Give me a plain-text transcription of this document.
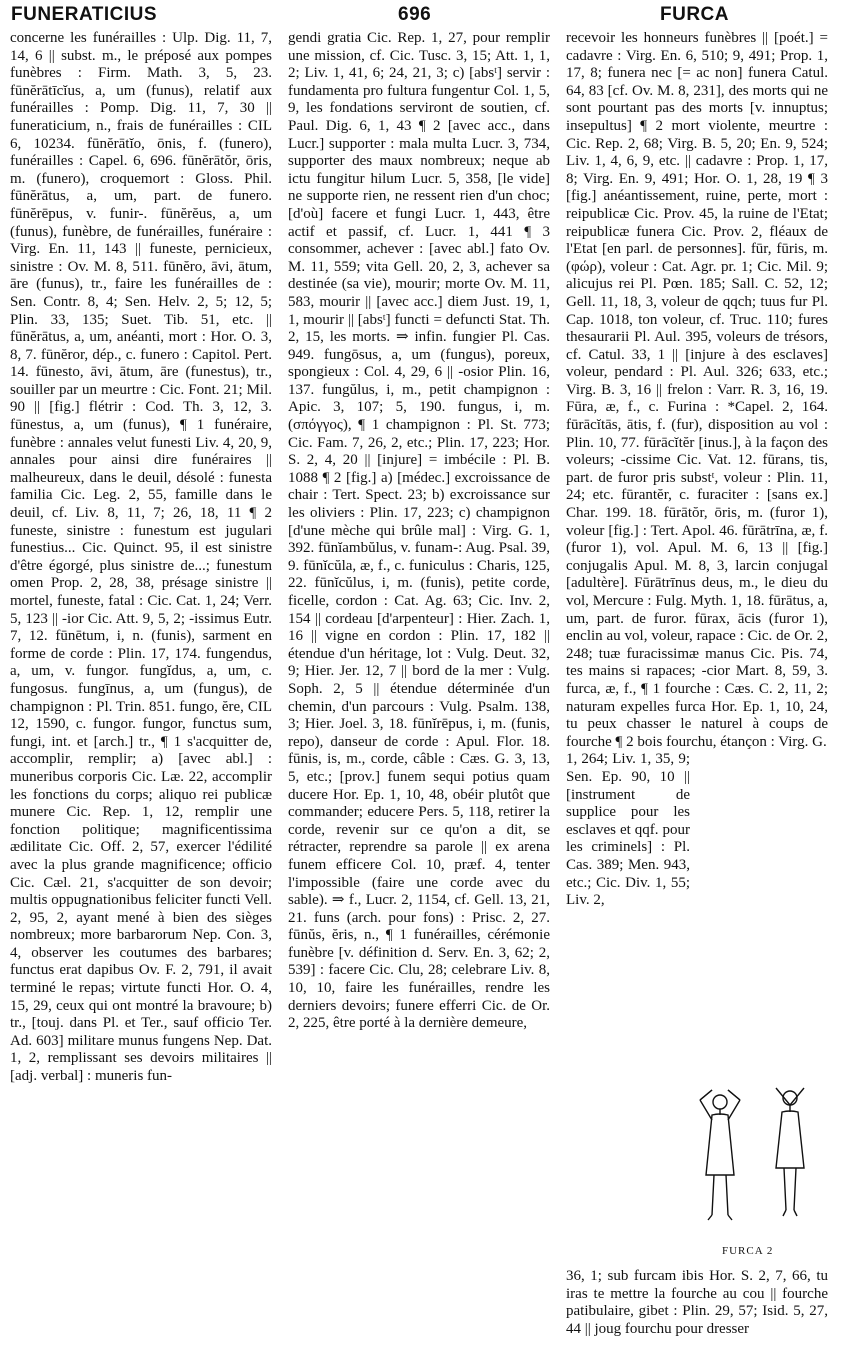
FUNERATICIUS	696	FURCA
concerne les funérailles : Ulp. Dig. 11, 7, 14, 6 || subst. m., le préposé aux pompes funèbres : Firm. Math. 3, 5, 23. fūnĕrātīcĭus, a, um (funus), relatif aux funérailles : Pomp. Dig. 11, 7, 30 || funeraticium, n., frais de funérailles : CIL 6, 10234. fūnĕrātĭo, ōnis, f. (funero), funérailles : Capel. 6, 696. fūnĕrātŏr, ōris, m. (funero), croquemort : Gloss. Phil. fūnĕrātus, a, um, part. de funero. fūnĕrēpus, v. funir-. fūnĕrĕus, a, um (funus), funèbre, de funérailles, funéraire : Virg. En. 11, 143 || funeste, pernicieux, sinistre : Ov. M. 8, 511. fūnĕro, āvi, ātum, āre (funus), tr., faire les funérailles de : Sen. Contr. 8, 4; Sen. Helv. 2, 5; 12, 5; Plin. 33, 135; Suet. Tib. 51, etc. || fūnĕrātus, a, um, anéanti, mort : Hor. O. 3, 8, 7. fūnĕror, dép., c. funero : Capitol. Pert. 14. fūnesto, āvi, ātum, āre (funestus), tr., souiller par un meurtre : Cic. Font. 21; Mil. 90 || [fig.] flétrir : Cod. Th. 3, 12, 3. fūnestus, a, um (funus), ¶ 1 funéraire, funèbre : annales velut funesti Liv. 4, 20, 9, annales pour ainsi dire funéraires || malheureux, dans le deuil, désolé : funesta familia Cic. Leg. 2, 55, famille dans le deuil, cf. Liv. 8, 11, 7; 26, 18, 11 ¶ 2 funeste, sinistre : funestum est jugulari funestius... Cic. Quinct. 95, il est sinistre d'être égorgé, plus sinistre de...; funestum omen Prop. 2, 28, 38, présage sinistre || mortel, funeste, fatal : Cic. Cat. 1, 24; Verr. 5, 123 || -ior Cic. Att. 9, 5, 2; -issimus Eutr. 7, 12. fūnētum, i, n. (funis), sarment en forme de corde : Plin. 17, 174. fungendus, a, um, v. fungor. fungĭdus, a, um, c. fungosus. fungīnus, a, um (fungus), de champignon : Pl. Trin. 851. fungo, ĕre, CIL 12, 1590, c. fungor. fungor, functus sum, fungi, int. et [arch.] tr., ¶ 1 s'acquitter de, accomplir, remplir; a) [avec abl.] : muneribus corporis Cic. Læ. 22, accomplir les fonctions du corps; aliquo rei publicæ munere Cic. Rep. 1, 12, remplir une fonction politique; magnificentissima ædilitate Cic. Off. 2, 57, exercer l'édilité avec la plus grande magnificence; officio Cic. Cæl. 21, s'acquitter de son devoir; multis oppugnationibus feliciter functi Vell. 2, 95, 2, ayant mené à bien des sièges nombreux; more barbarorum Nep. Con. 3, 4, observer les coutumes des barbares; functus erat dapibus Ov. F. 2, 791, il avait terminé le repas; virtute functi Hor. O. 4, 15, 29, ceux qui ont montré la bravoure; b) tr., [touj. dans Pl. et Ter., sauf officio Ter. Ad. 603] militare munus fungens Nep. Dat. 1, 2, remplissant ses devoirs militaires || [adj. verbal] : muneris fun-
gendi gratia Cic. Rep. 1, 27, pour remplir une mission, cf. Cic. Tusc. 3, 15; Att. 1, 1, 2; Liv. 1, 41, 6; 24, 21, 3; c) [absᵗ] servir : fundamenta pro fultura fungentur Col. 1, 5, 9, les fondations serviront de soutien, cf. Paul. Dig. 6, 1, 43 ¶ 2 [avec acc., dans Lucr.] supporter : mala multa Lucr. 3, 734, supporter des maux nombreux; neque ab ictu fungitur hilum Lucr. 5, 358, [le vide] ne supporte rien, ne ressent rien d'un choc; [d'où] facere et fungi Lucr. 1, 443, être actif et passif, cf. Lucr. 1, 441 ¶ 3 consommer, achever : [avec abl.] fato Ov. M. 11, 559; vita Gell. 20, 2, 3, achever sa destinée (sa vie), mourir; morte Ov. M. 11, 583, mourir || [avec acc.] diem Just. 19, 1, 1, mourir || [absᵗ] functi = defuncti Stat. Th. 2, 15, les morts. ⇒ infin. fungier Pl. Cas. 949. fungōsus, a, um (fungus), poreux, spongieux : Col. 4, 29, 6 || -osior Plin. 16, 137. fungŭlus, i, m., petit champignon : Apic. 3, 107; 5, 190. fungus, i, m. (σπόγγος), ¶ 1 champignon : Pl. St. 773; Cic. Fam. 7, 26, 2, etc.; Plin. 17, 223; Hor. S. 2, 4, 20 || [injure] = imbécile : Pl. B. 1088 ¶ 2 [fig.] a) [médec.] excroissance de chair : Tert. Spect. 23; b) excroissance sur les oliviers : Plin. 17, 223; c) champignon [d'une mèche qui brûle mal] : Virg. G. 1, 392. fūnĭambŭlus, v. funam-: Aug. Psal. 39, 9. fūnĭcŭla, æ, f., c. funiculus : Charis, 125, 22. fūnĭcŭlus, i, m. (funis), petite corde, ficelle, cordon : Cat. Ag. 63; Cic. Inv. 2, 154 || cordeau [d'arpenteur] : Hier. Zach. 1, 16 || vigne en cordon : Plin. 17, 182 || étendue d'un héritage, lot : Vulg. Deut. 32, 9; Hier. Jer. 12, 7 || bord de la mer : Vulg. Soph. 2, 5 || étendue déterminée d'un chemin, d'un parcours : Vulg. Psalm. 138, 3; Hier. Joel. 3, 18. fūnĭrēpus, i, m. (funis, repo), danseur de corde : Apul. Flor. 18. fūnis, is, m., corde, câble : Cæs. G. 3, 13, 5, etc.; [prov.] funem sequi potius quam ducere Hor. Ep. 1, 10, 48, obéir plutôt que commander; educere Pers. 5, 118, retirer la corde, revenir sur ce qu'on a dit, se rétracter, reprendre sa parole || ex arena funem efficere Col. 10, præf. 4, tenter l'impossible (faire une corde avec du sable). ⇒ f., Lucr. 2, 1154, cf. Gell. 13, 21, 21. funs (arch. pour fons) : Prisc. 2, 27. fūnŭs, ĕris, n., ¶ 1 funérailles, cérémonie funèbre [v. définition d. Serv. En. 3, 62; 2, 539] : facere Cic. Clu, 28; celebrare Liv. 8, 10, 10, faire les funérailles, rendre les derniers devoirs; funere efferri Cic. de Or. 2, 225, être porté à la dernière demeure,
recevoir les honneurs funèbres || [poét.] = cadavre : Virg. En. 6, 510; 9, 491; Prop. 1, 17, 8; funera nec [= ac non] funera Catul. 64, 83 [cf. Ov. M. 8, 231], des morts qui ne sont pourtant pas des morts [v. innuptus; insepultus] ¶ 2 mort violente, meurtre : Cic. Rep. 2, 68; Virg. B. 5, 20; En. 9, 524; Liv. 1, 4, 6, 9, etc. || cadavre : Prop. 1, 17, 8; Virg. En. 9, 491; Hor. O. 1, 28, 19 ¶ 3 [fig.] anéantissement, ruine, perte, mort : reipublicæ Cic. Prov. 45, la ruine de l'Etat; reipublicæ funera Cic. Prov. 2, fléaux de l'Etat [en parl. de personnes]. fūr, fūris, m. (φώρ), voleur : Cat. Agr. pr. 1; Cic. Mil. 9; alicujus rei Pl. Pœn. 185; Sall. C. 52, 12; Gell. 11, 18, 3, voleur de qqch; tuus fur Pl. Cap. 1018, ton voleur, cf. Truc. 110; fures thesaurarii Pl. Aul. 395, voleurs de trésors, cf. Catul. 33, 1 || [injure à des esclaves] voleur, pendard : Pl. Aul. 326; 633, etc.; Virg. B. 3, 16 || frelon : Varr. R. 3, 16, 19. Fūra, æ, f., c. Furina : *Capel. 2, 164. fūrācĭtās, ātis, f. (fur), disposition au vol : Plin. 10, 77. fūrācĭtĕr [inus.], à la façon des voleurs; -cissime Cic. Vat. 12. fūrans, tis, part. de furor pris substᵗ, voleur : Plin. 11, 24; etc. fūrantĕr, c. furaciter : [sans ex.] Char. 199. 18. fūrātŏr, ōris, m. (furor 1), voleur [fig.] : Tert. Apol. 46. fūrātrīna, æ, f. (furor 1), vol. Apul. M. 6, 13 || [fig.] conjugalis Apul. M. 8, 3, larcin conjugal [adultère]. Fūrātrīnus deus, m., le dieu du vol, Mercure : Fulg. Myth. 1, 18. fūrātus, a, um, part. de furor. fūrax, ācis (furor 1), enclin au vol, voleur, rapace : Cic. de Or. 2, 248; tuæ furacissimæ manus Cic. Pis. 74, tes mains si rapaces; -cior Mart. 8, 59, 3. furca, æ, f., ¶ 1 fourche : Cæs. C. 2, 11, 2; naturam expelles furca Hor. Ep. 1, 10, 24, tu peux chasser le naturel à coups de fourche ¶ 2 bois fourchu, étançon : Virg. G.
1, 264; Liv. 1, 35, 9; Sen. Ep. 90, 10 || [instrument de supplice pour les esclaves et qqf. pour les criminels] : Pl. Cas. 389; Men. 943, etc.; Cic. Div. 1, 55; Liv. 2,
36, 1; sub furcam ibis Hor. S. 2, 7, 66, tu iras te mettre la fourche au cou || fourche patibulaire, gibet : Plin. 29, 57; Isid. 5, 27, 44 || joug fourchu pour dresser
FURCA 2
